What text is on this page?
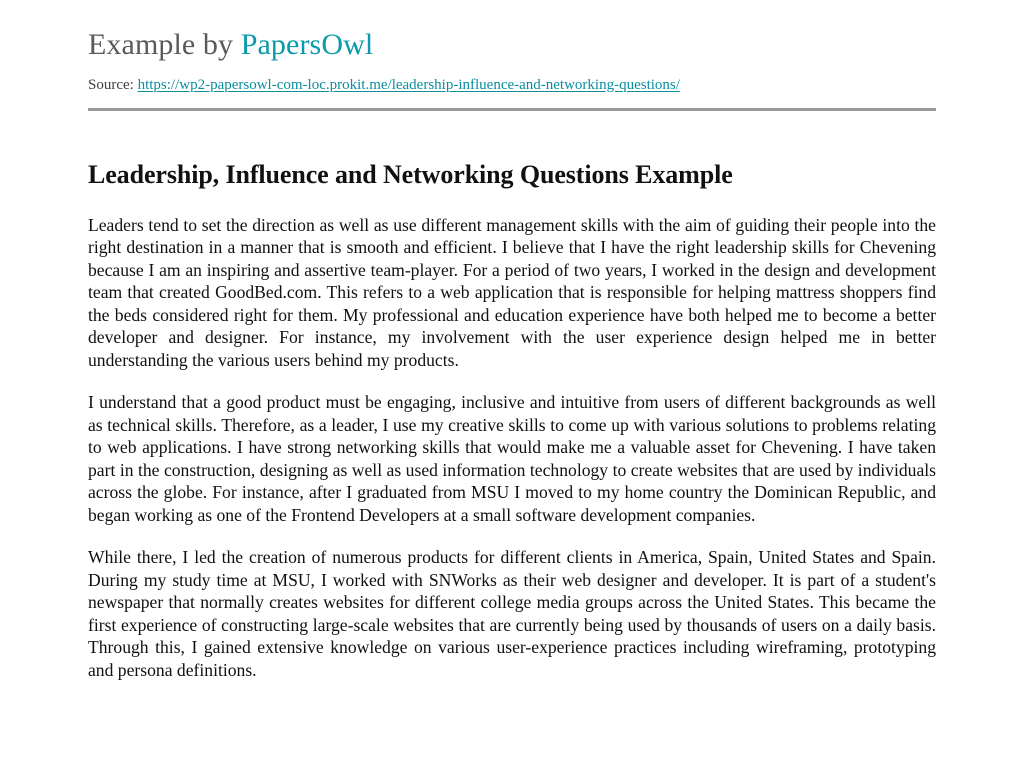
Example by PapersOwl
Source: https://wp2-papersowl-com-loc.prokit.me/leadership-influence-and-networking-questions/
Leadership, Influence and Networking Questions Example

Leaders tend to set the direction as well as use different management skills with the aim of guiding their people into the right destination in a manner that is smooth and efficient. I believe that I have the right leadership skills for Chevening because I am an inspiring and assertive team-player. For a period of two years, I worked in the design and development team that created GoodBed.com. This refers to a web application that is responsible for helping mattress shoppers find the beds considered right for them. My professional and education experience have both helped me to become a better developer and designer. For instance, my involvement with the user experience design helped me in better understanding the various users behind my products.

I understand that a good product must be engaging, inclusive and intuitive from users of different backgrounds as well as technical skills. Therefore, as a leader, I use my creative skills to come up with various solutions to problems relating to web applications. I have strong networking skills that would make me a valuable asset for Chevening. I have taken part in the construction, designing as well as used information technology to create websites that are used by individuals across the globe. For instance, after I graduated from MSU I moved to my home country the Dominican Republic, and began working as one of the Frontend Developers at a small software development companies.

While there, I led the creation of numerous products for different clients in America, Spain, United States and Spain. During my study time at MSU, I worked with SNWorks as their web designer and developer. It is part of a student's newspaper that normally creates websites for different college media groups across the United States. This became the first experience of constructing large-scale websites that are currently being used by thousands of users on a daily basis. Through this, I gained extensive knowledge on various user-experience practices including wireframing, prototyping and persona definitions.
